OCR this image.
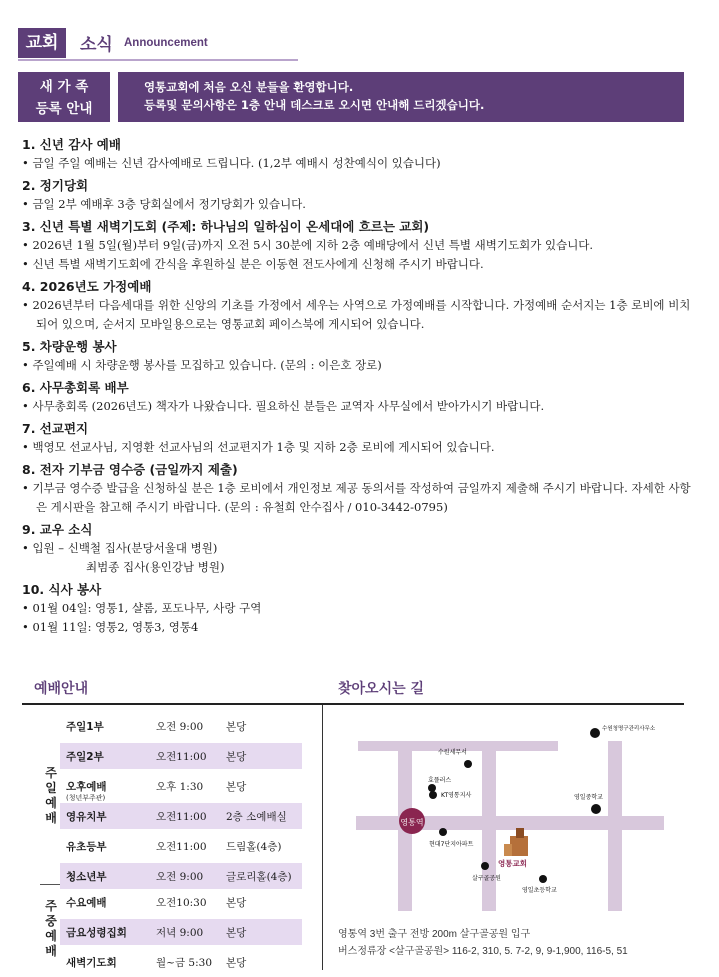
교회	소식 Announcement
새 가 족
등록 안내
영통교회에 처음 오신 분들을 환영합니다.
등록및 문의사항은 1층 안내 데스크로 오시면 안내해 드리겠습니다.
1. 신년 감사 예배
• 금일 주일 예배는 신년 감사예배로 드립니다. (1,2부 예배시 성찬예식이 있습니다)
2. 정기당회
• 금일 2부 예배후 3층 당회실에서 정기당회가 있습니다.
3. 신년 특별 새벽기도회 (주제: 하나님의 일하심이 온세대에 흐르는 교회)
• 2026년 1월 5일(월)부터 9일(금)까지 오전 5시 30분에 지하 2층 예배당에서 신년 특별 새벽기도회가 있습니다.
• 신년 특별 새벽기도회에 간식을 후원하실 분은 이동현 전도사에게 신청해 주시기 바랍니다.
4. 2026년도 가정예배
• 2026년부터 다음세대를 위한 신앙의 기초를 가정에서 세우는 사역으로 가정예배를 시작합니다. 가정예배 순서지는 1층 로비에 비치되어 있으며, 순서지 모바일용으로는 영통교회 페이스북에 게시되어 있습니다.
5. 차량운행 봉사
• 주일예배 시 차량운행 봉사를 모집하고 있습니다. (문의 : 이은호 장로)
6. 사무총회록 배부
• 사무총회록 (2026년도) 책자가 나왔습니다. 필요하신 분들은 교역자 사무실에서 받아가시기 바랍니다.
7. 선교편지
• 백영모 선교사님, 지영환 선교사님의 선교편지가 1층 및 지하 2층 로비에 게시되어 있습니다.
8. 전자 기부금 영수증 (금일까지 제출)
• 기부금 영수증 발급을 신청하실 분은 1층 로비에서 개인정보 제공 동의서를 작성하여 금일까지 제출해 주시기 바랍니다. 자세한 사항은 게시판을 참고해 주시기 바랍니다. (문의 : 유철희 안수집사 / 010-3442-0795)
9. 교우 소식
• 입원 – 신백철 집사(분당서울대 병원)
최범종 집사(용인강남 병원)
10. 식사 봉사
• 01월 04일: 영통1, 샬롬, 포도나무, 사랑 구역
• 01월 11일: 영통2, 영통3, 영통4
예배안내	찾아오시는 길
주
일
예
배
주
중
예
배
주일1부	오전 9:00 본당
주일2부	오전11:00 본당
오후예배
(청년부주관)
오후 1:30 본당
영유치부	오전11:00 2층 소예배실
유초등부	오전11:00 드림홀(4층)
청소년부	오전 9:00 글로리홀(4층)
수요예배	오전10:30 본당
금요성령집회	저녁 9:00 본당
새벽기도회	월~금 5:30 본당
영통역
수원세무서
효플러스
KT영통지사
현대7단지아파트
영일중학교
수원청명구관리사무소
살구골공원
영일초등학교
영통교회
영통역 3번 출구 전방 200m 살구골공원 입구
버스정류장 <살구골공원> 116-2, 310, 5. 7-2, 9, 9-1,900, 116-5, 51
